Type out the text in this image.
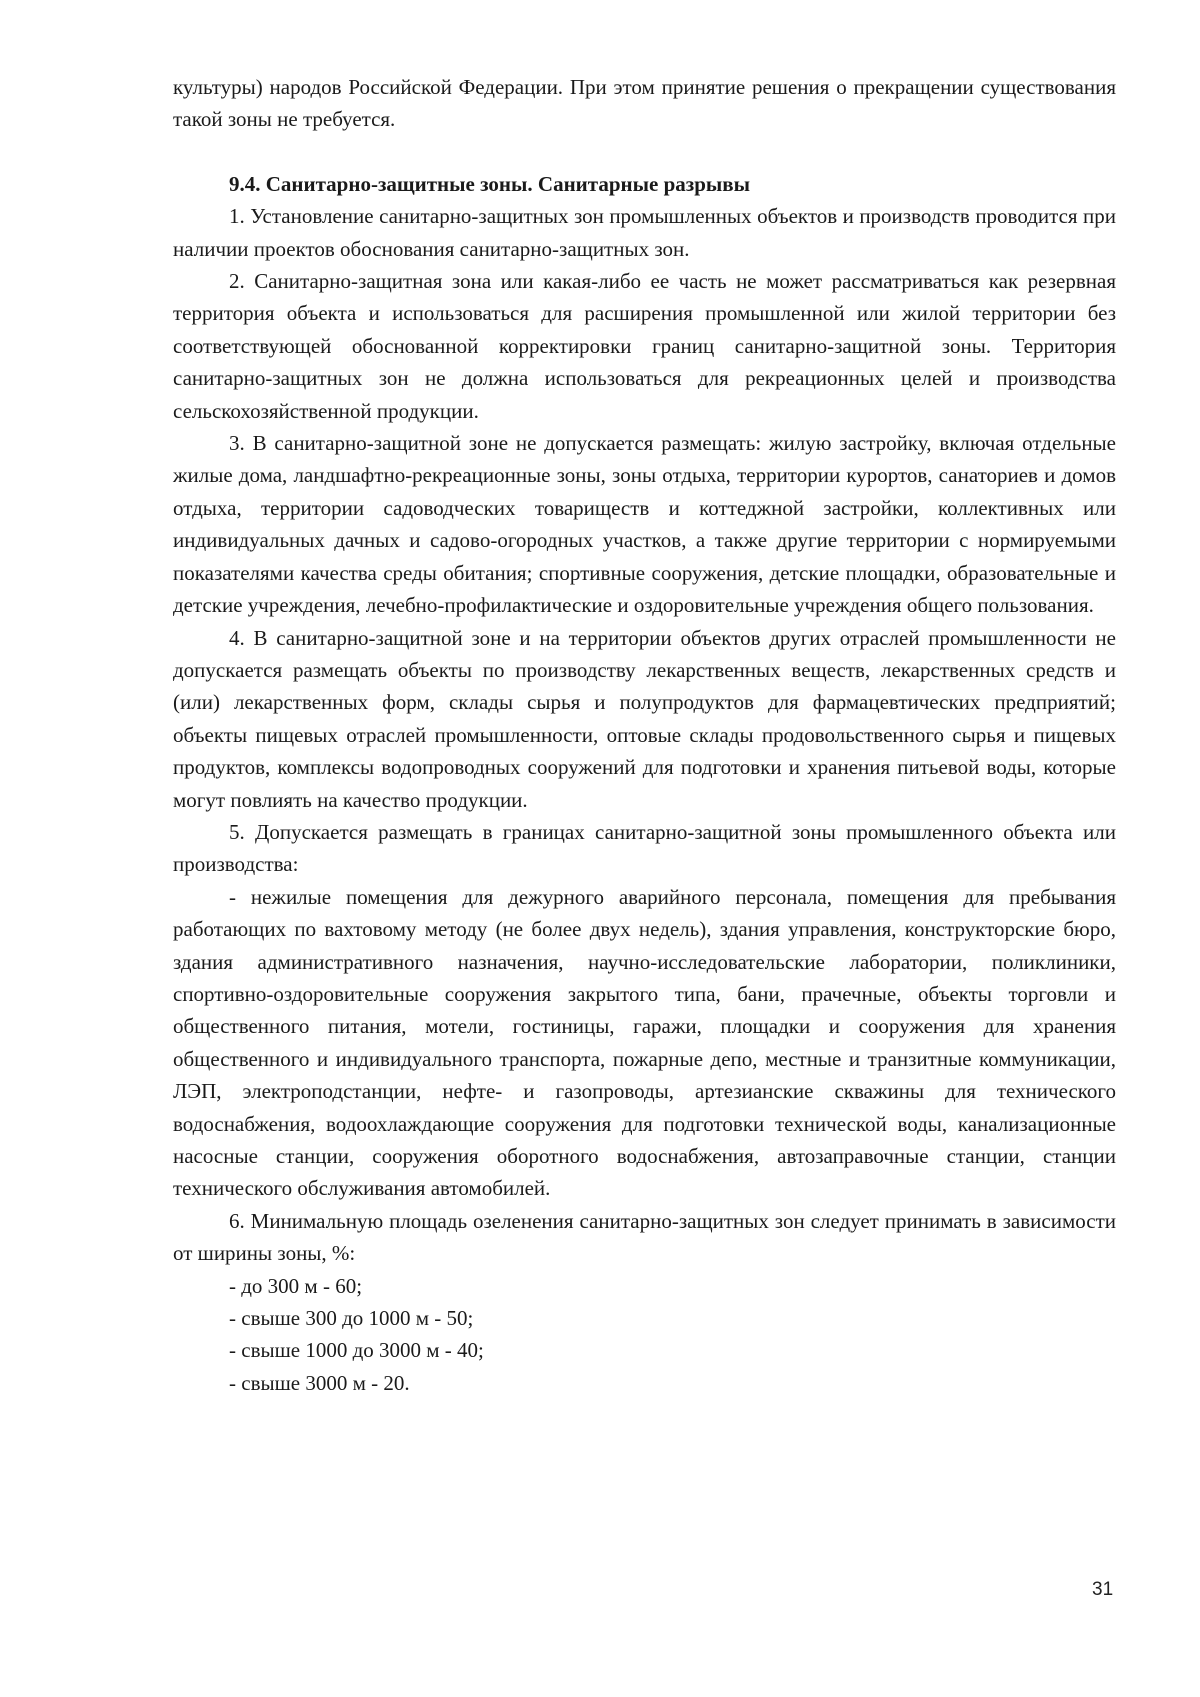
культуры) народов Российской Федерации. При этом принятие решения о прекращении существования такой зоны не требуется.

9.4. Санитарно-защитные зоны. Санитарные разрывы

1. Установление санитарно-защитных зон промышленных объектов и производств проводится при наличии проектов обоснования санитарно-защитных зон.

2. Санитарно-защитная зона или какая-либо ее часть не может рассматриваться как резервная территория объекта и использоваться для расширения промышленной или жилой территории без соответствующей обоснованной корректировки границ санитарно-защитной зоны. Территория санитарно-защитных зон не должна использоваться для рекреационных целей и производства сельскохозяйственной продукции.

3. В санитарно-защитной зоне не допускается размещать: жилую застройку, включая отдельные жилые дома, ландшафтно-рекреационные зоны, зоны отдыха, территории курортов, санаториев и домов отдыха, территории садоводческих товариществ и коттеджной застройки, коллективных или индивидуальных дачных и садово-огородных участков, а также другие территории с нормируемыми показателями качества среды обитания; спортивные сооружения, детские площадки, образовательные и детские учреждения, лечебно-профилактические и оздоровительные учреждения общего пользования.

4. В санитарно-защитной зоне и на территории объектов других отраслей промышленности не допускается размещать объекты по производству лекарственных веществ, лекарственных средств и (или) лекарственных форм, склады сырья и полупродуктов для фармацевтических предприятий; объекты пищевых отраслей промышленности, оптовые склады продовольственного сырья и пищевых продуктов, комплексы водопроводных сооружений для подготовки и хранения питьевой воды, которые могут повлиять на качество продукции.

5. Допускается размещать в границах санитарно-защитной зоны промышленного объекта или производства:

- нежилые помещения для дежурного аварийного персонала, помещения для пребывания работающих по вахтовому методу (не более двух недель), здания управления, конструкторские бюро, здания административного назначения, научно-исследовательские лаборатории, поликлиники, спортивно-оздоровительные сооружения закрытого типа, бани, прачечные, объекты торговли и общественного питания, мотели, гостиницы, гаражи, площадки и сооружения для хранения общественного и индивидуального транспорта, пожарные депо, местные и транзитные коммуникации, ЛЭП, электроподстанции, нефте- и газопроводы, артезианские скважины для технического водоснабжения, водоохлаждающие сооружения для подготовки технической воды, канализационные насосные станции, сооружения оборотного водоснабжения, автозаправочные станции, станции технического обслуживания автомобилей.

6. Минимальную площадь озеленения санитарно-защитных зон следует принимать в зависимости от ширины зоны, %:

- до 300 м - 60;

- свыше 300 до 1000 м - 50;

- свыше 1000 до 3000 м - 40;

- свыше 3000 м - 20.

31
